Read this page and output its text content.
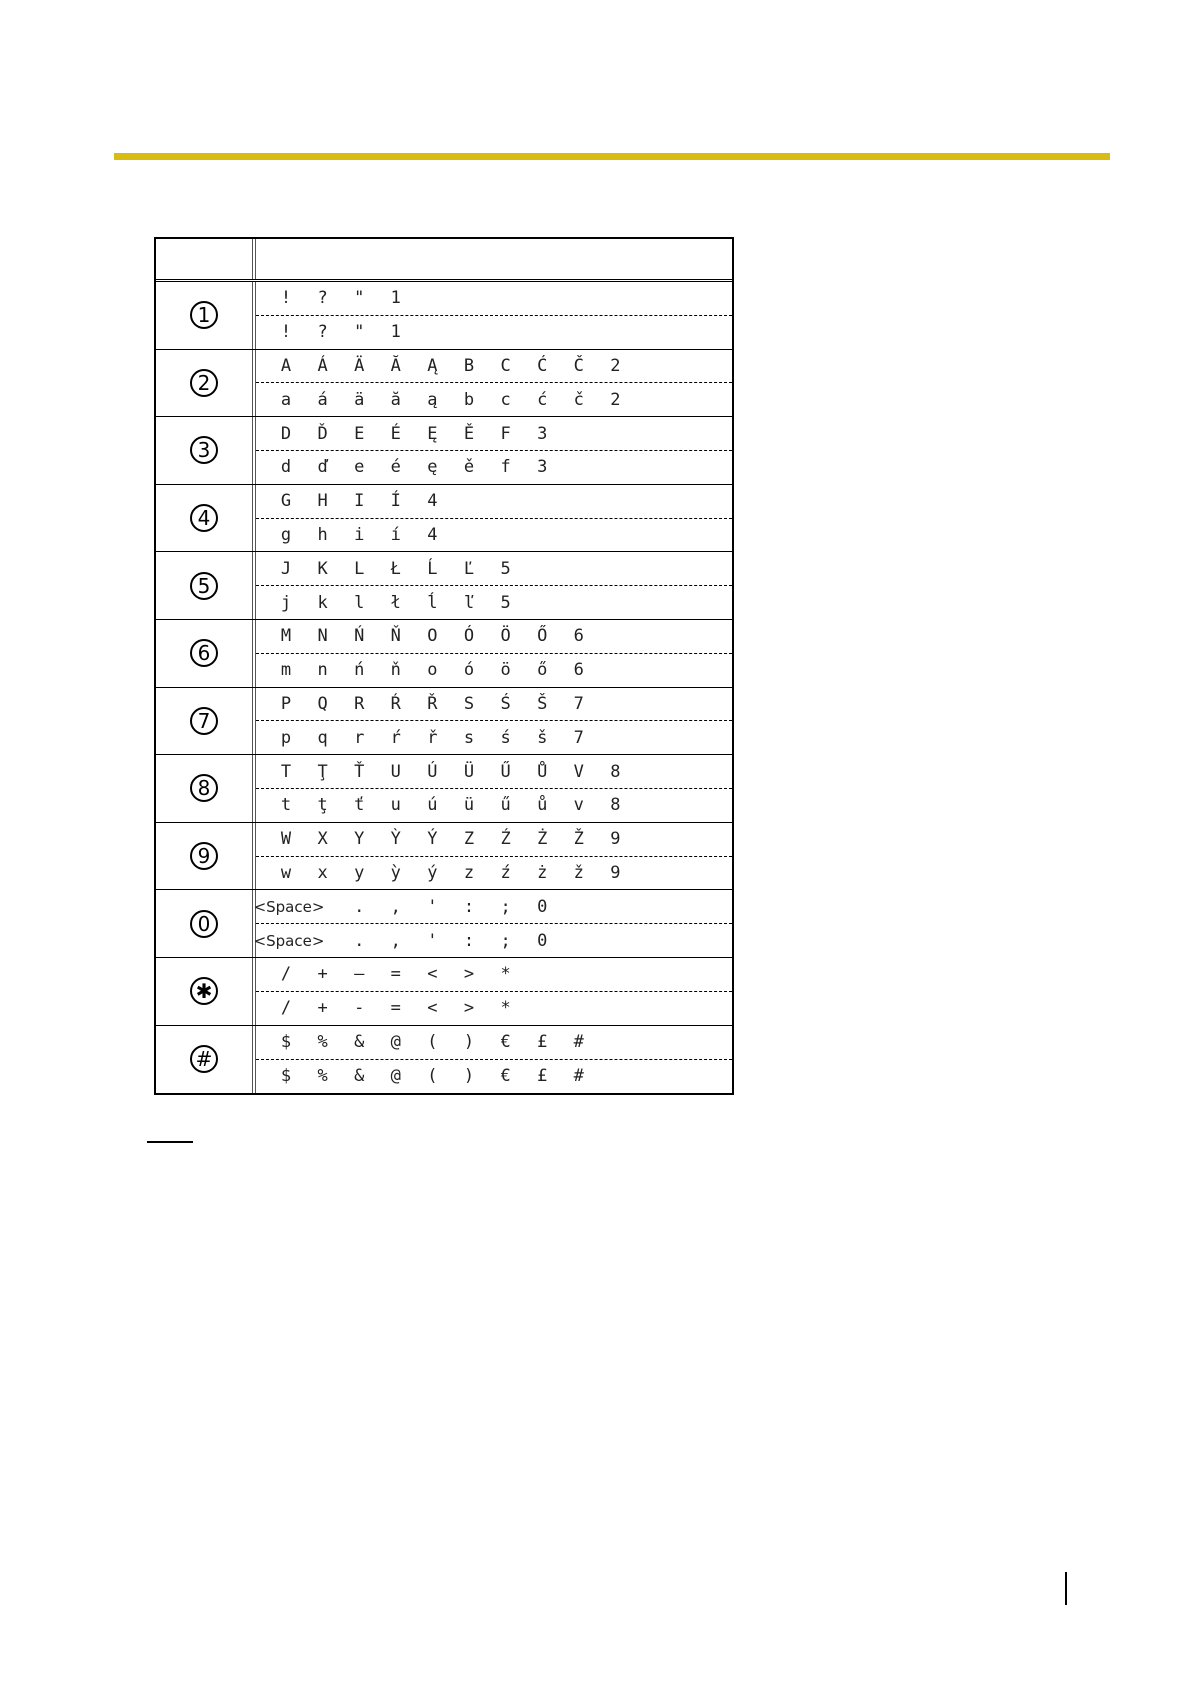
1
! ? " 1
! ? " 1
2
A Á Ä Ă Ą B C Ć Č 2
a á ä ă ą b c ć č 2
3
D Ď E É Ę Ě F 3
d ď e é ę ě f 3
4
G H I Í 4
g h i í 4
5
J K L Ł Ĺ Ľ 5
j k l ł ĺ ľ 5
6
M N Ń Ň O Ó Ö Ő 6
m n ń ň o ó ö ő 6
7
P Q R Ŕ Ř S Ś Š 7
p q r ŕ ř s ś š 7
8
T Ţ Ť U Ú Ü Ű Ů V 8
t ţ ť u ú ü ű ů v 8
9
W X Y Ỳ Ý Z Ź Ż Ž 9
w x y ỳ ý z ź ż ž 9
0
<Space> . , ' : ; 0
<Space> . , ' : ; 0
✱
/ + – = < > *
/ + - = < > *
#
$ % & @ ( ) € £ #
$ % & @ ( ) € £ #
